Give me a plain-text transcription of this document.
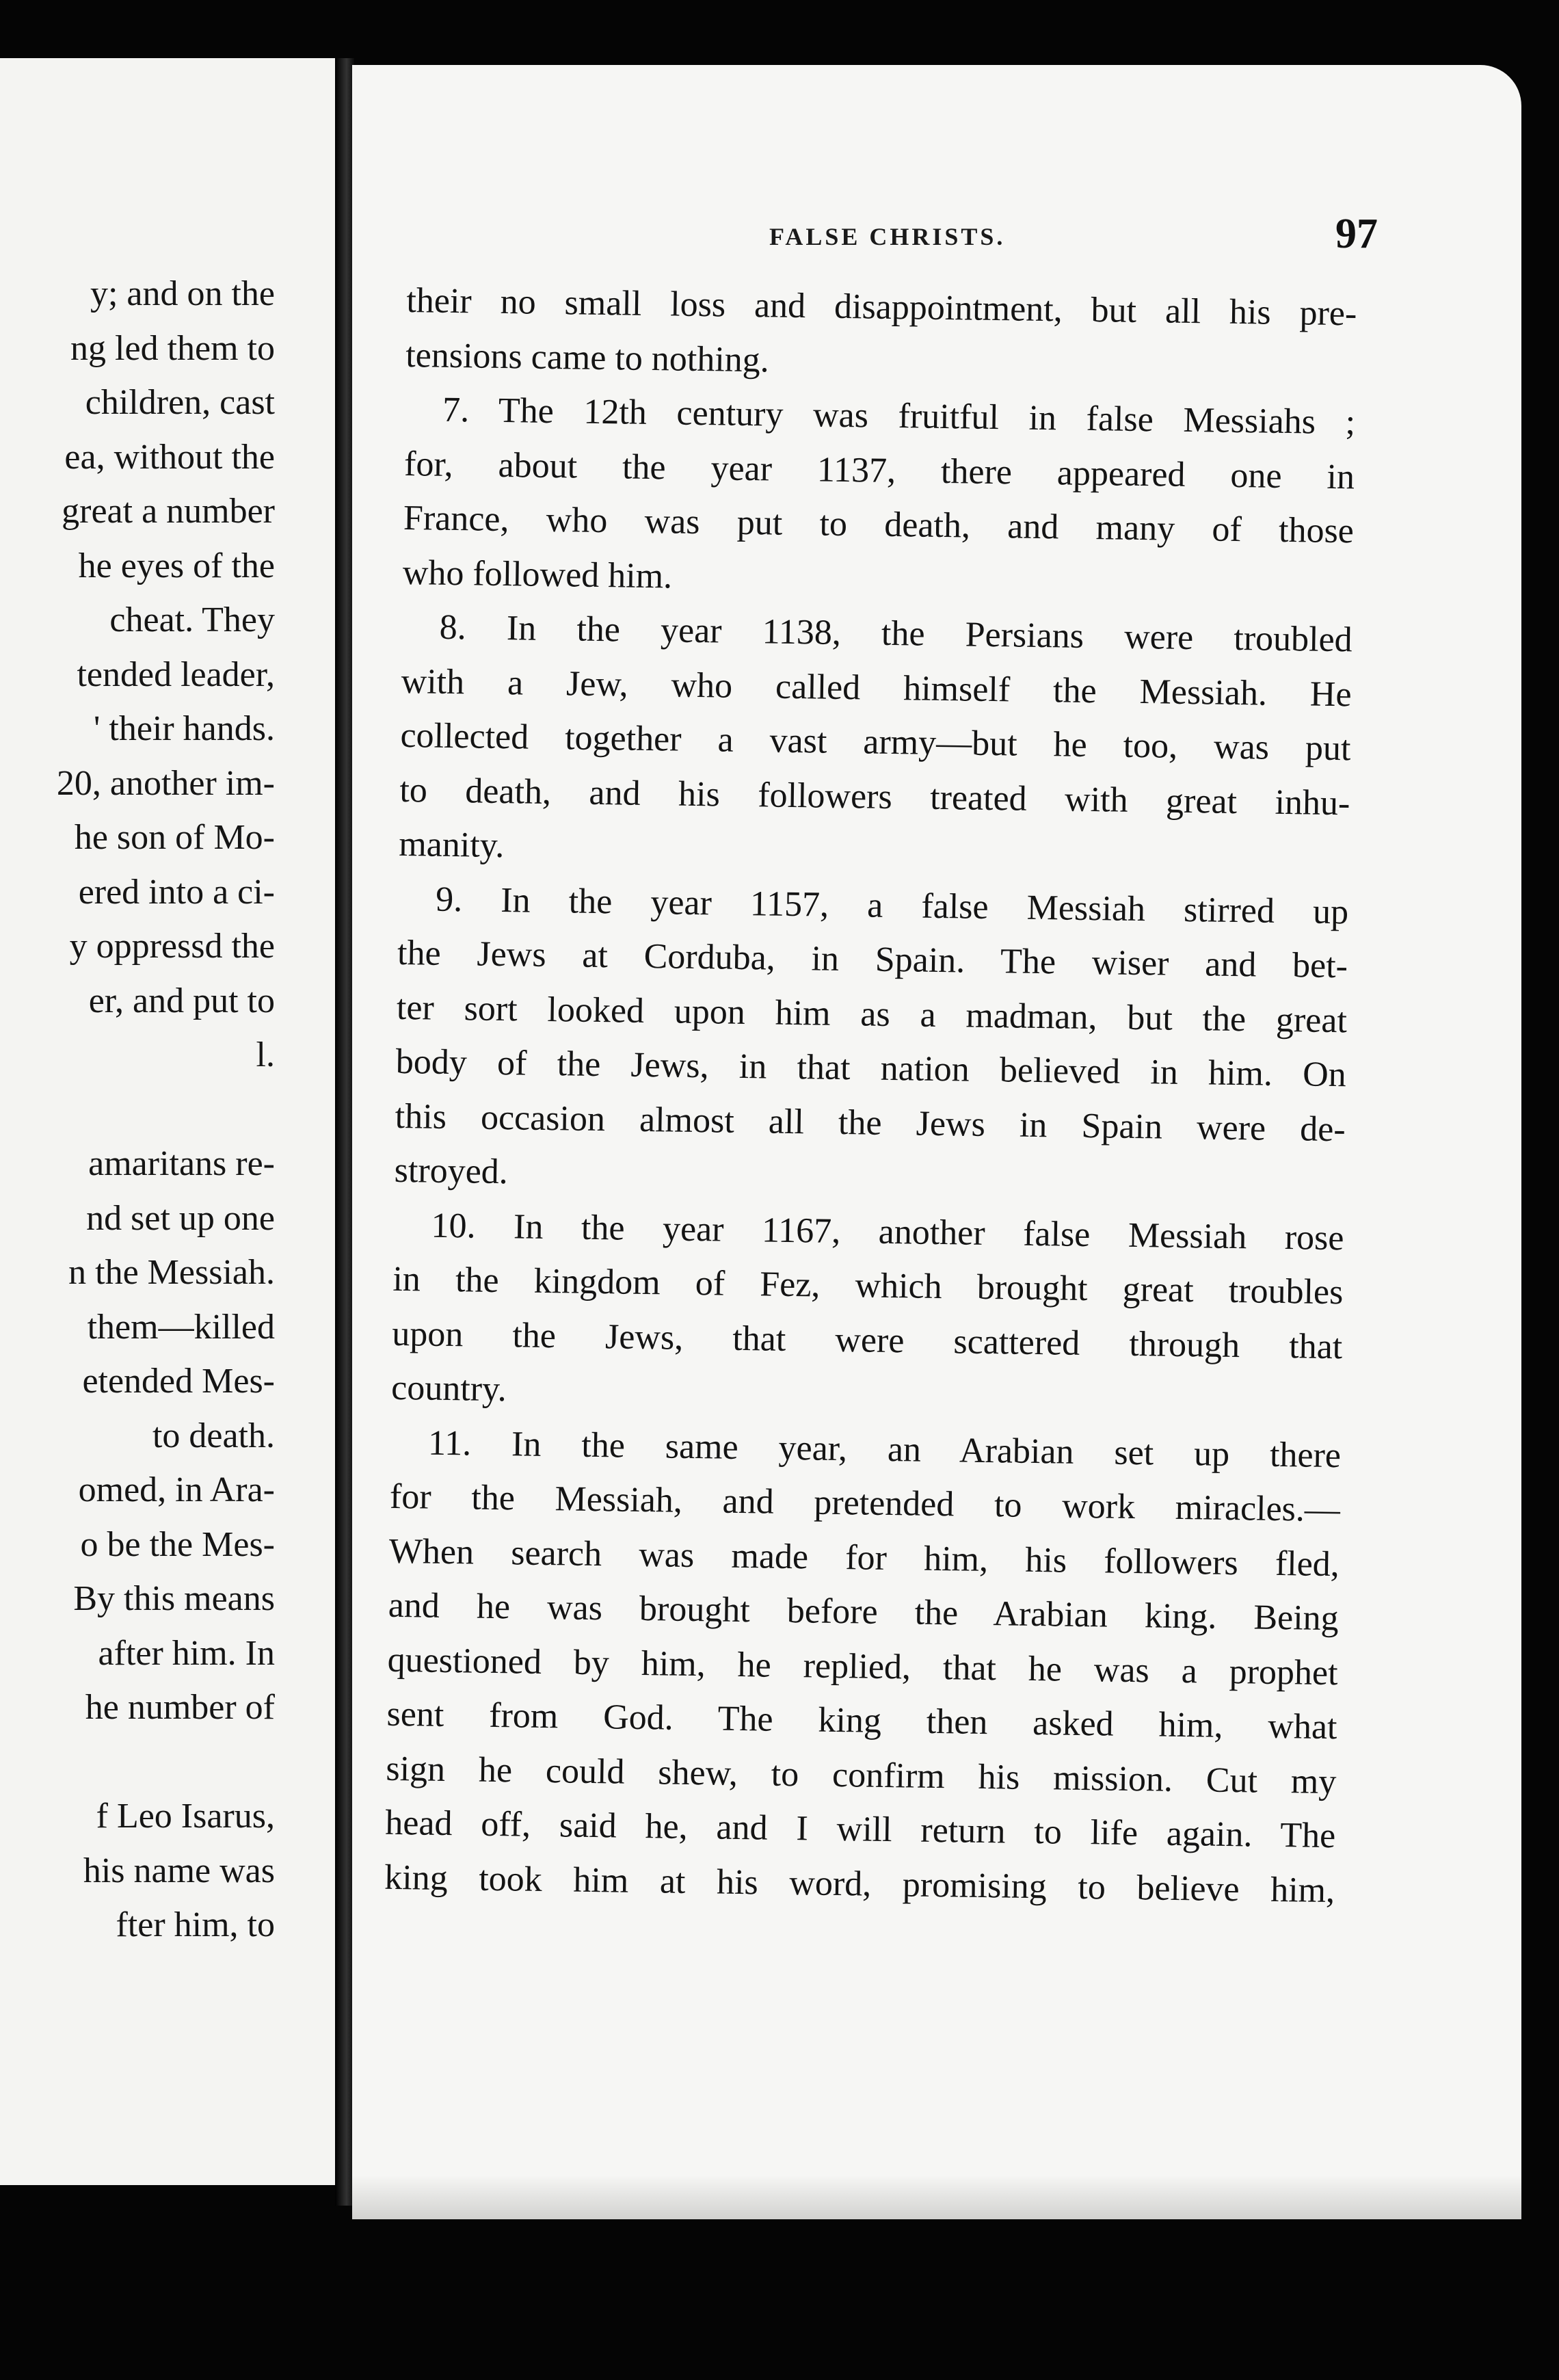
y; and on the
ng led them to
children, cast
ea, without the
great a number
he eyes of the
cheat. They
tended leader,
' their hands.
20, another im-
he son of Mo-
ered into a ci-
y oppressd the
er, and put to
l.
amaritans re-
nd set up one
n the Messiah.
them—killed
etended Mes-
to death.
omed, in Ara-
o be the Mes-
By this means
after him. In
he number of
f Leo Isarus,
his name was
fter him, to
FALSE CHRISTS.	97
their no small loss and disappointment, but all his pre-
tensions came to nothing.
7. The 12th century was fruitful in false Messiahs ;
for, about the year 1137, there appeared one in
France, who was put to death, and many of those
who followed him.
8. In the year 1138, the Persians were troubled
with a Jew, who called himself the Messiah. He
collected together a vast army—but he too, was put
to death, and his followers treated with great inhu-
manity.
9. In the year 1157, a false Messiah stirred up
the Jews at Corduba, in Spain. The wiser and bet-
ter sort looked upon him as a madman, but the great
body of the Jews, in that nation believed in him. On
this occasion almost all the Jews in Spain were de-
stroyed.
10. In the year 1167, another false Messiah rose
in the kingdom of Fez, which brought great troubles
upon the Jews, that were scattered through that
country.
11. In the same year, an Arabian set up there
for the Messiah, and pretended to work miracles.—
When search was made for him, his followers fled,
and he was brought before the Arabian king. Being
questioned by him, he replied, that he was a prophet
sent from God. The king then asked him, what
sign he could shew, to confirm his mission. Cut my
head off, said he, and I will return to life again. The
king took him at his word, promising to believe him,
